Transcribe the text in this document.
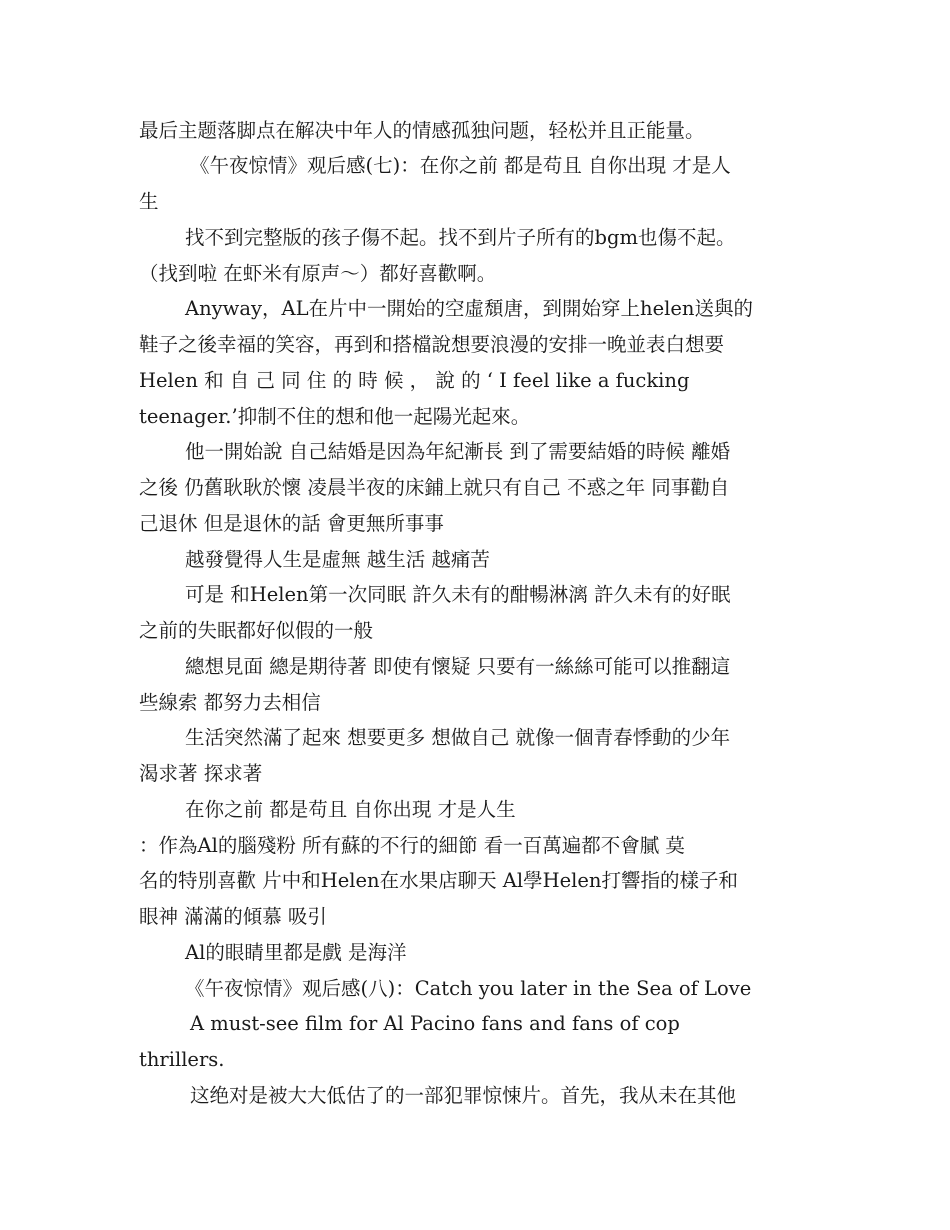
最后主题落脚点在解决中年人的情感孤独问题，轻松并且正能量。
《午夜惊情》观后感(七)：在你之前 都是苟且 自你出現 才是人
生
找不到完整版的孩子傷不起。找不到片子所有的bgm也傷不起。
（找到啦 在虾米有原声～）都好喜歡啊。
Anyway，AL在片中一開始的空虛頹唐，到開始穿上helen送與的
鞋子之後幸福的笑容，再到和搭檔說想要浪漫的安排一晚並表白想要
Helen 和 自 己 同 住 的 時 候 ， 說 的 ‘ I feel like a fucking
teenager.’抑制不住的想和他一起陽光起來。
他一開始說 自己結婚是因為年紀漸長 到了需要結婚的時候 離婚
之後 仍舊耿耿於懷 凌晨半夜的床鋪上就只有自己 不惑之年 同事勸自
己退休 但是退休的話 會更無所事事
越發覺得人生是虛無 越生活 越痛苦
可是 和Helen第一次同眠 許久未有的酣暢淋漓 許久未有的好眠
之前的失眠都好似假的一般
總想見面 總是期待著 即使有懷疑 只要有一絲絲可能可以推翻這
些線索 都努力去相信
生活突然滿了起來 想要更多 想做自己 就像一個青春悸動的少年
渴求著 探求著
在你之前 都是苟且 自你出現 才是人生
：作為Al的腦殘粉 所有蘇的不行的細節 看一百萬遍都不會膩 莫
名的特別喜歡 片中和Helen在水果店聊天 Al學Helen打響指的樣子和
眼神 滿滿的傾慕 吸引
Al的眼睛里都是戲 是海洋
《午夜惊情》观后感(八)：Catch you later in the Sea of Love
A must-see film for Al Pacino fans and fans of cop
thrillers.
这绝对是被大大低估了的一部犯罪惊悚片。首先，我从未在其他
